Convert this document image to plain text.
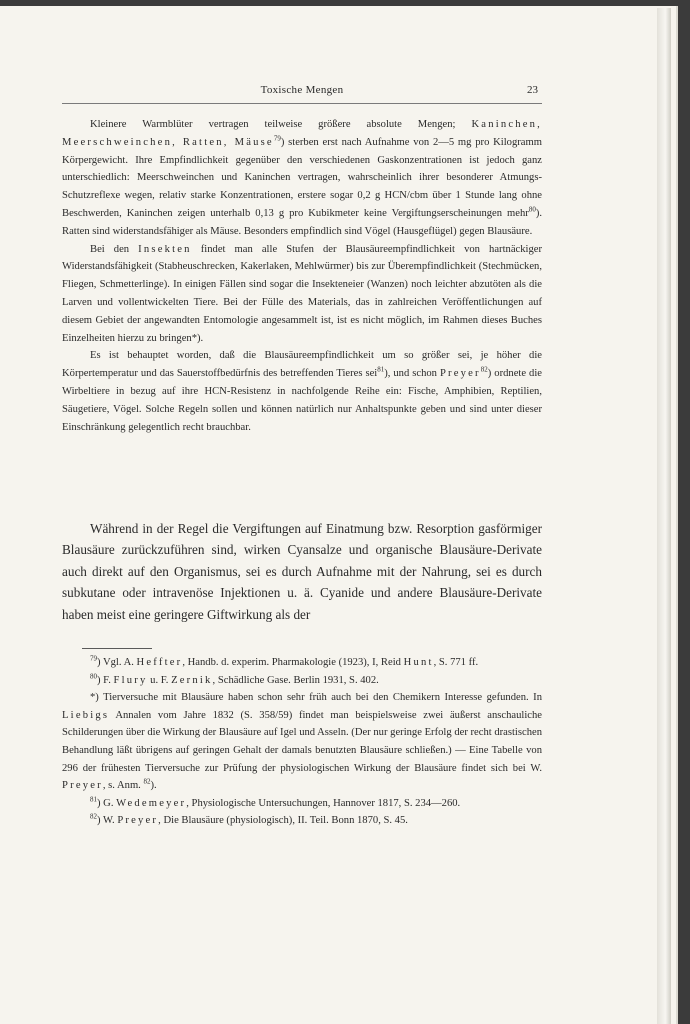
Toxische Mengen	23

Kleinere Warmblüter vertragen teilweise größere absolute Mengen; Kaninchen, Meerschweinchen, Ratten, Mäuse$^{79}$) sterben erst nach Aufnahme von 2—5 mg pro Kilogramm Körpergewicht. Ihre Empfindlichkeit gegenüber den verschiedenen Gaskonzentrationen ist jedoch ganz unterschiedlich: Meerschweinchen und Kaninchen vertragen, wahrscheinlich ihrer besonderer Atmungs-Schutzreflexe wegen, relativ starke Konzentrationen, erstere sogar 0,2 g HCN/cbm über 1 Stunde lang ohne Beschwerden, Kaninchen zeigen unterhalb 0,13 g pro Kubikmeter keine Vergiftungserscheinungen mehr$^{80}$). Ratten sind widerstandsfähiger als Mäuse. Besonders empfindlich sind Vögel (Hausgeflügel) gegen Blausäure.

Bei den Insekten findet man alle Stufen der Blausäureempfindlichkeit von hartnäckiger Widerstandsfähigkeit (Stabheuschrecken, Kakerlaken, Mehlwürmer) bis zur Überempfindlichkeit (Stechmücken, Fliegen, Schmetterlinge). In einigen Fällen sind sogar die Insekteneier (Wanzen) noch leichter abzutöten als die Larven und vollentwickelten Tiere. Bei der Fülle des Materials, das in zahlreichen Veröffentlichungen auf diesem Gebiet der angewandten Entomologie angesammelt ist, ist es nicht möglich, im Rahmen dieses Buches Einzelheiten hierzu zu bringen*).

Es ist behauptet worden, daß die Blausäureempfindlichkeit um so größer sei, je höher die Körpertemperatur und das Sauerstoffbedürfnis des betreffenden Tieres sei$^{81}$), und schon Preyer$^{82}$) ordnete die Wirbeltiere in bezug auf ihre HCN-Resistenz in nachfolgende Reihe ein: Fische, Amphibien, Reptilien, Säugetiere, Vögel. Solche Regeln sollen und können natürlich nur Anhaltspunkte geben und sind unter dieser Einschränkung gelegentlich recht brauchbar.

Während in der Regel die Vergiftungen auf Einatmung bzw. Resorption gasförmiger Blausäure zurückzuführen sind, wirken Cyansalze und organische Blausäure-Derivate auch direkt auf den Organismus, sei es durch Aufnahme mit der Nahrung, sei es durch subkutane oder intravenöse Injektionen u. ä. Cyanide und andere Blausäure-Derivate haben meist eine geringere Giftwirkung als der

$^{79}$) Vgl. A. Heffter, Handb. d. experim. Pharmakologie (1923), I, Reid Hunt, S. 771 ff.

$^{80}$) F. Flury u. F. Zernik, Schädliche Gase. Berlin 1931, S. 402.

*) Tierversuche mit Blausäure haben schon sehr früh auch bei den Chemikern Interesse gefunden. In Liebigs Annalen vom Jahre 1832 (S. 358/59) findet man beispielsweise zwei äußerst anschauliche Schilderungen über die Wirkung der Blausäure auf Igel und Asseln. (Der nur geringe Erfolg der recht drastischen Behandlung läßt übrigens auf geringen Gehalt der damals benutzten Blausäure schließen.) — Eine Tabelle von 296 der frühesten Tierversuche zur Prüfung der physiologischen Wirkung der Blausäure findet sich bei W. Preyer, s. Anm. $^{82}$).

$^{81}$) G. Wedemeyer, Physiologische Untersuchungen, Hannover 1817, S. 234—260.

$^{82}$) W. Preyer, Die Blausäure (physiologisch), II. Teil. Bonn 1870, S. 45.
